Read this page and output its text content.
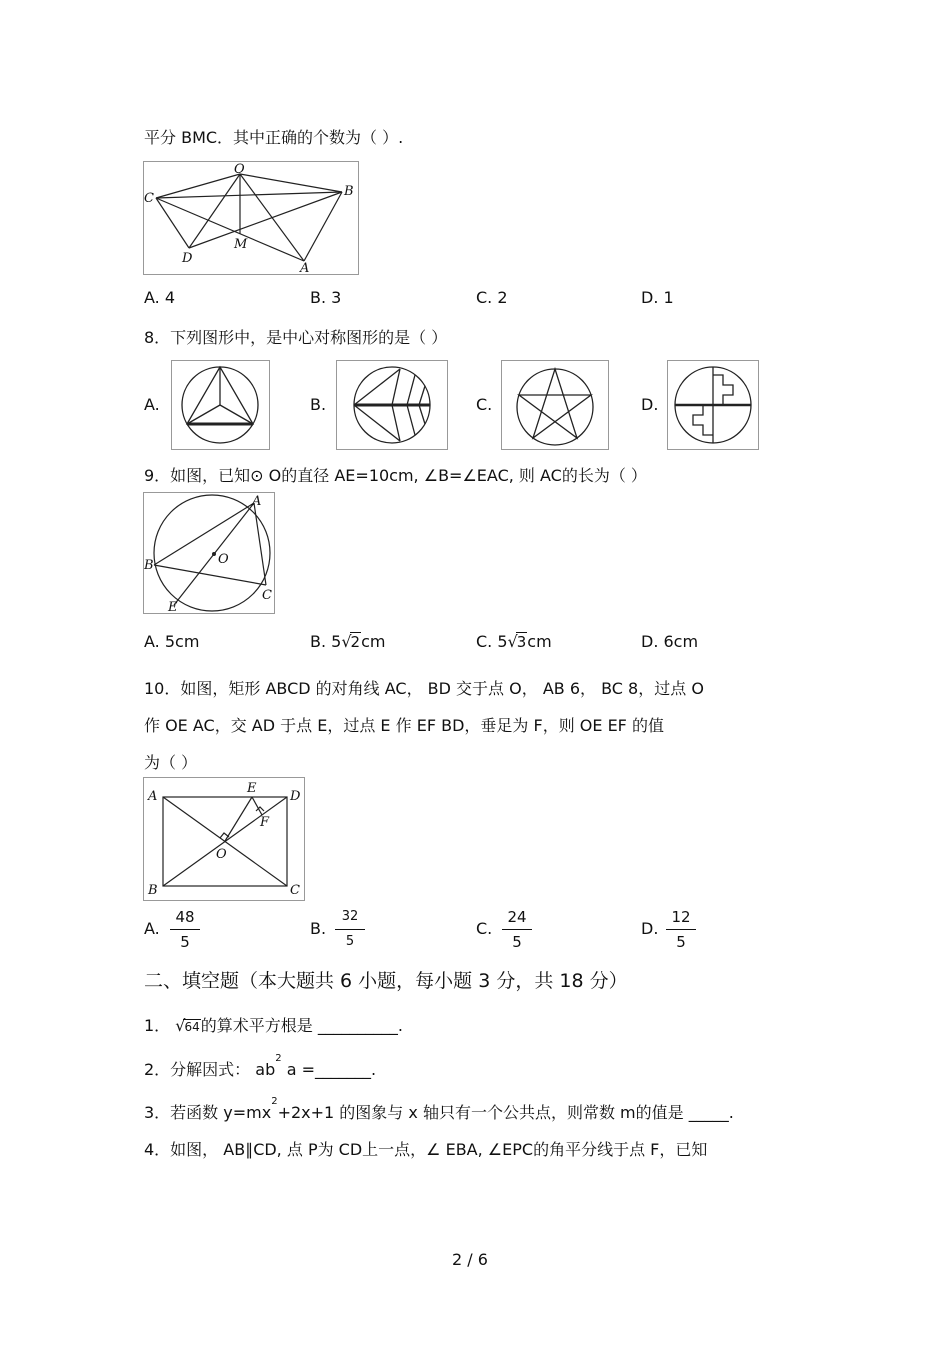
平分 BMC．其中正确的个数为（ ）.
O
C	B
D
M
A
A. 4	B. 3	C. 2	D. 1
8．下列图形中，是中心对称图形的是（ ）
A.	B.	C.	D.
9．如图，已知⊙ O的直径 AE=10cm, ∠B=∠EAC, 则 AC的长为（ ）
A
B
C
E
O
A. 5cm	B. 5√2cm	C. 5√3cm	D. 6cm
10．如图，矩形 ABCD 的对角线 AC， BD 交于点 O， AB 6， BC 8，过点 O
作 OE AC，交 AD 于点 E，过点 E 作 EF BD，垂足为 F，则 OE EF 的值
为（ ）
A
B	C
D
E
F
O
A. $\frac{48}{5}$	B. $\frac{32}{5}$	C. $\frac{24}{5}$	D. $\frac{12}{5}$
二、填空题（本大题共 6 小题，每小题 3 分，共 18 分）
1． √64的算术平方根是 __________.
2．分解因式： $ab^2$ a =_______.
3．若函数 $y=mx^2+2x+1$ 的图象与 x 轴只有一个公共点，则常数 m的值是 _____.
4．如图， AB∥CD, 点 P为 CD上一点，∠ EBA, ∠EPC的角平分线于点 F，已知
2 / 6
